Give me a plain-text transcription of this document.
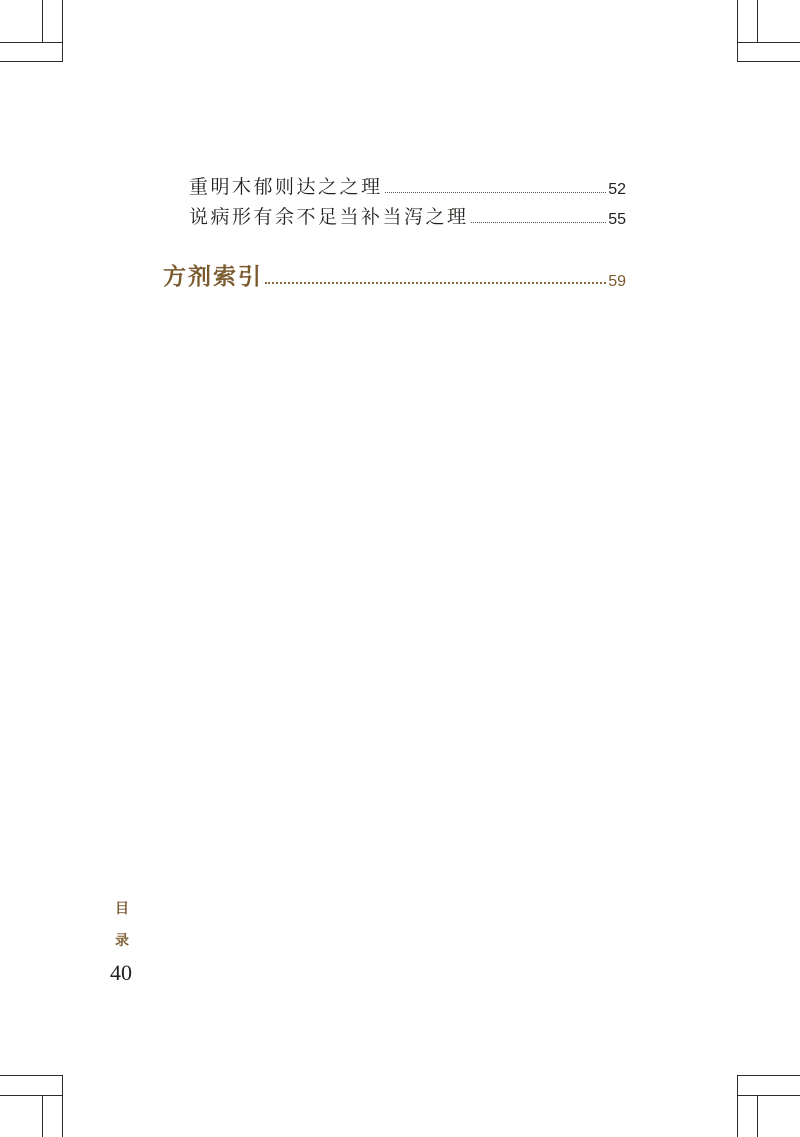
重明木郁则达之之理	52
说病形有余不足当补当泻之理	55
方剂索引	59
目
录
40
